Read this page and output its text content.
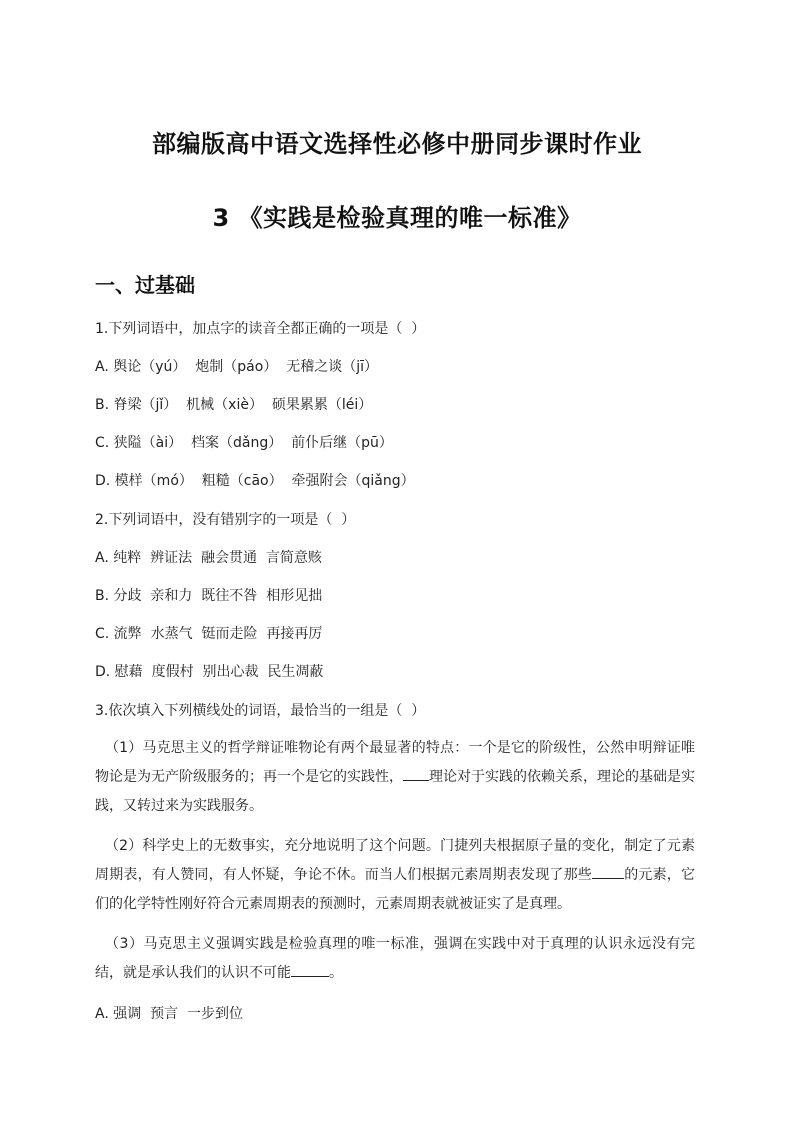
部编版高中语文选择性必修中册同步课时作业
3 《实践是检验真理的唯一标准》
一、过基础
1.下列词语中，加点字的读音全都正确的一项是（  ）
A. 舆论（yú）  炮制（páo）  无稽之谈（jī）
B. 脊梁（jǐ）  机械（xiè）  硕果累累（léi）
C. 狭隘（ài）  档案（dǎng）  前仆后继（pū）
D. 模样（mó）  粗糙（cāo）  牵强附会（qiǎng）
2.下列词语中，没有错别字的一项是（  ）
A. 纯粹  辨证法  融会贯通  言简意赅
B. 分歧  亲和力  既往不咎  相形见拙
C. 流弊  水蒸气  铤而走险  再接再厉
D. 慰藉  度假村  别出心裁  民生凋蔽
3.依次填入下列横线处的词语，最恰当的一组是（  ）
（1）马克思主义的哲学辩证唯物论有两个最显著的特点：一个是它的阶级性，公然申明辩证唯物论是为无产阶级服务的；再一个是它的实践性， 理论对于实践的依赖关系，理论的基础是实践，又转过来为实践服务。
（2）科学史上的无数事实，充分地说明了这个问题。门捷列夫根据原子量的变化，制定了元素周期表，有人赞同，有人怀疑，争论不休。而当人们根据元素周期表发现了那些 的元素，它们的化学特性刚好符合元素周期表的预测时，元素周期表就被证实了是真理。
（3）马克思主义强调实践是检验真理的唯一标准，强调在实践中对于真理的认识永远没有完结，就是承认我们的认识不可能	。
A. 强调  预言  一步到位
